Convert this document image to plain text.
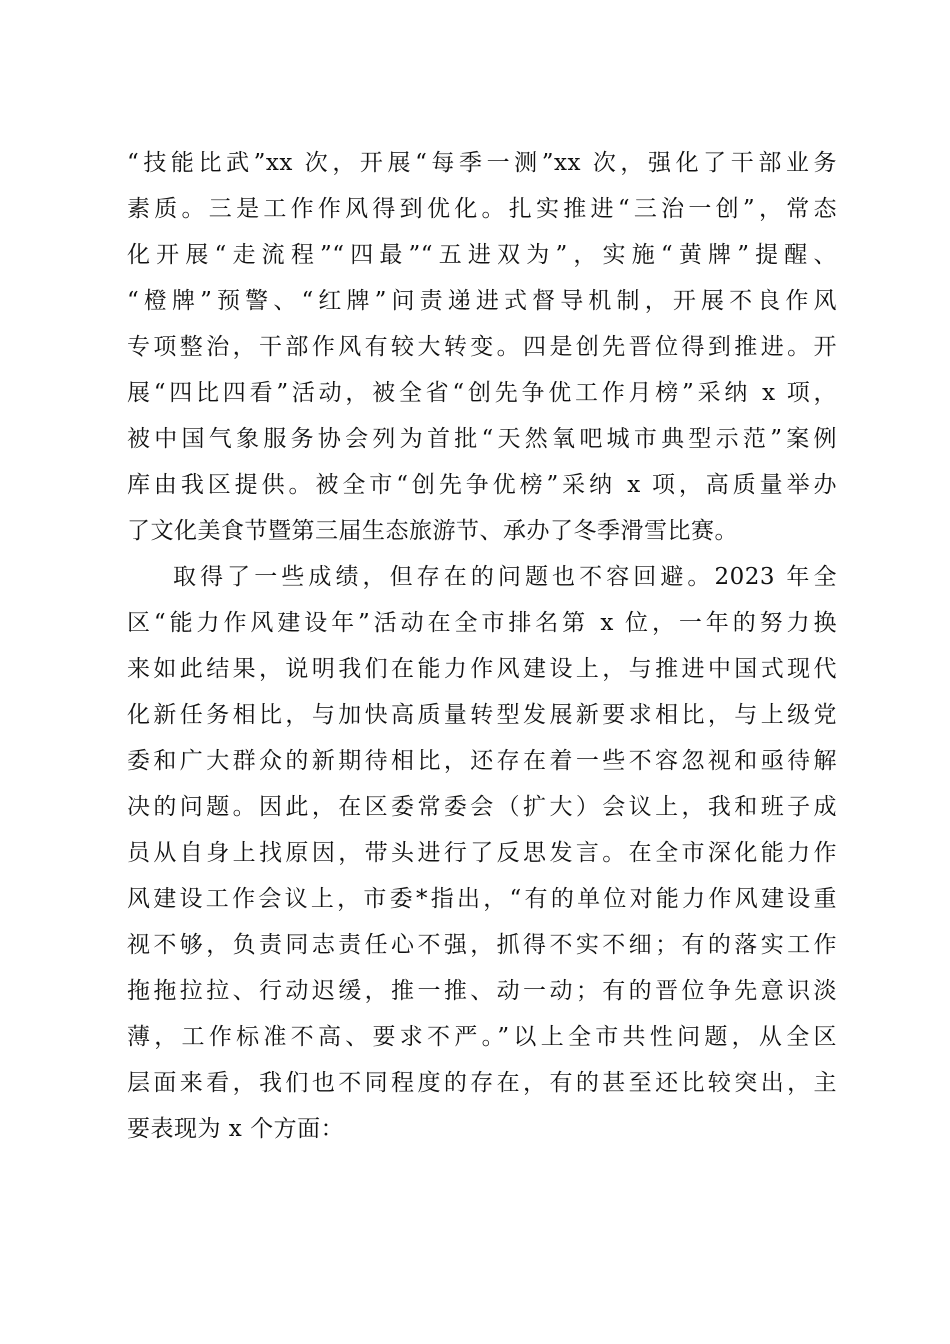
“技能比武”xx 次，开展“每季一测”xx 次，强化了干部业务
素质。三是工作作风得到优化。扎实推进“三治一创”，常态
化开展“走流程”“四最”“五进双为”，实施“黄牌”提醒、
“橙牌”预警、“红牌”问责递进式督导机制，开展不良作风
专项整治，干部作风有较大转变。四是创先晋位得到推进。开
展“四比四看”活动，被全省“创先争优工作月榜”采纳 x 项，
被中国气象服务协会列为首批“天然氧吧城市典型示范”案例
库由我区提供。被全市“创先争优榜”采纳 x 项，高质量举办
了文化美食节暨第三届生态旅游节、承办了冬季滑雪比赛。
取得了一些成绩，但存在的问题也不容回避。2023 年全
区“能力作风建设年”活动在全市排名第 x 位，一年的努力换
来如此结果，说明我们在能力作风建设上，与推进中国式现代
化新任务相比，与加快高质量转型发展新要求相比，与上级党
委和广大群众的新期待相比，还存在着一些不容忽视和亟待解
决的问题。因此，在区委常委会（扩大）会议上，我和班子成
员从自身上找原因，带头进行了反思发言。在全市深化能力作
风建设工作会议上，市委*指出，“有的单位对能力作风建设重
视不够，负责同志责任心不强，抓得不实不细；有的落实工作
拖拖拉拉、行动迟缓，推一推、动一动；有的晋位争先意识淡
薄，工作标准不高、要求不严。”以上全市共性问题，从全区
层面来看，我们也不同程度的存在，有的甚至还比较突出，主
要表现为 x 个方面：
